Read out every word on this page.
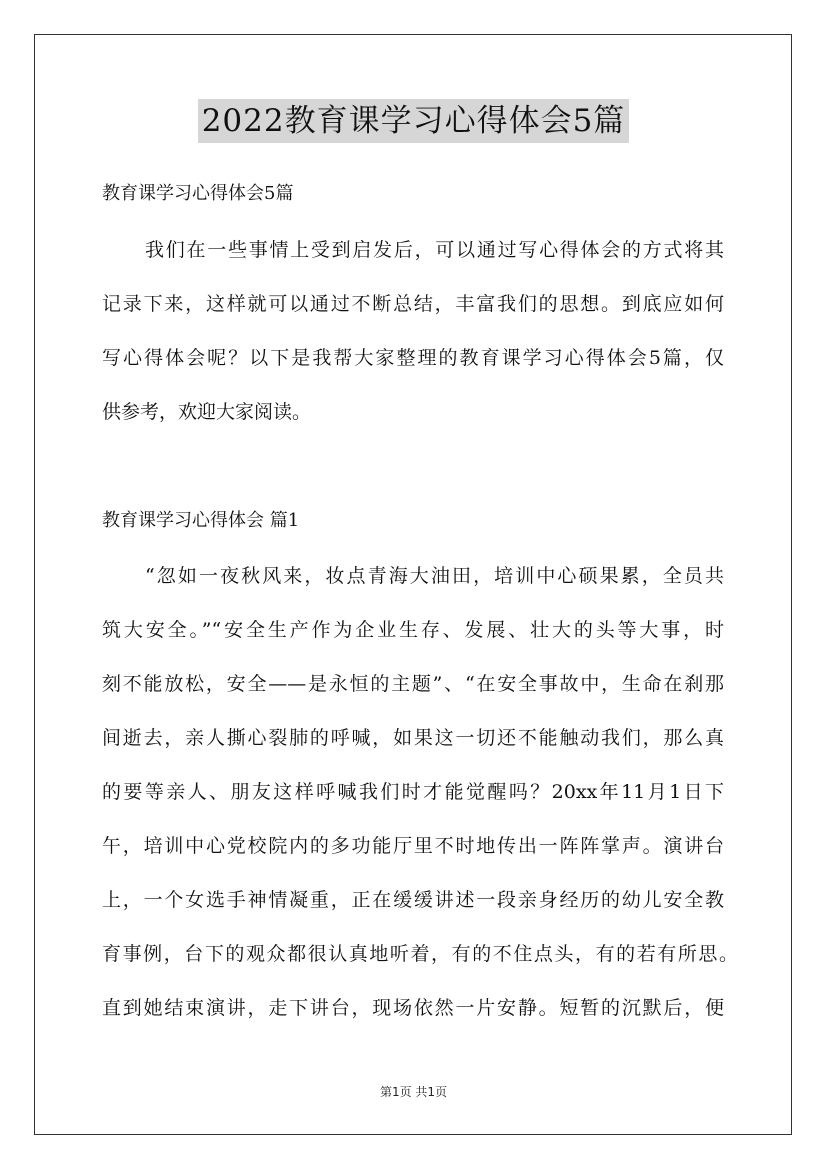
2022教育课学习心得体会5篇
教育课学习心得体会5篇
我们在一些事情上受到启发后，可以通过写心得体会的方式将其
记录下来，这样就可以通过不断总结，丰富我们的思想。到底应如何
写心得体会呢？以下是我帮大家整理的教育课学习心得体会5篇，仅
供参考，欢迎大家阅读。
教育课学习心得体会 篇1
“忽如一夜秋风来，妆点青海大油田，培训中心硕果累，全员共
筑大安全。”“安全生产作为企业生存、发展、壮大的头等大事，时
刻不能放松，安全——是永恒的主题”、“在安全事故中，生命在刹那
间逝去，亲人撕心裂肺的呼喊，如果这一切还不能触动我们，那么真
的要等亲人、朋友这样呼喊我们时才能觉醒吗？20xx年11月1日下
午，培训中心党校院内的多功能厅里不时地传出一阵阵掌声。演讲台
上，一个女选手神情凝重，正在缓缓讲述一段亲身经历的幼儿安全教
育事例，台下的观众都很认真地听着，有的不住点头，有的若有所思。
直到她结束演讲，走下讲台，现场依然一片安静。短暂的沉默后，便
第1页 共1页
